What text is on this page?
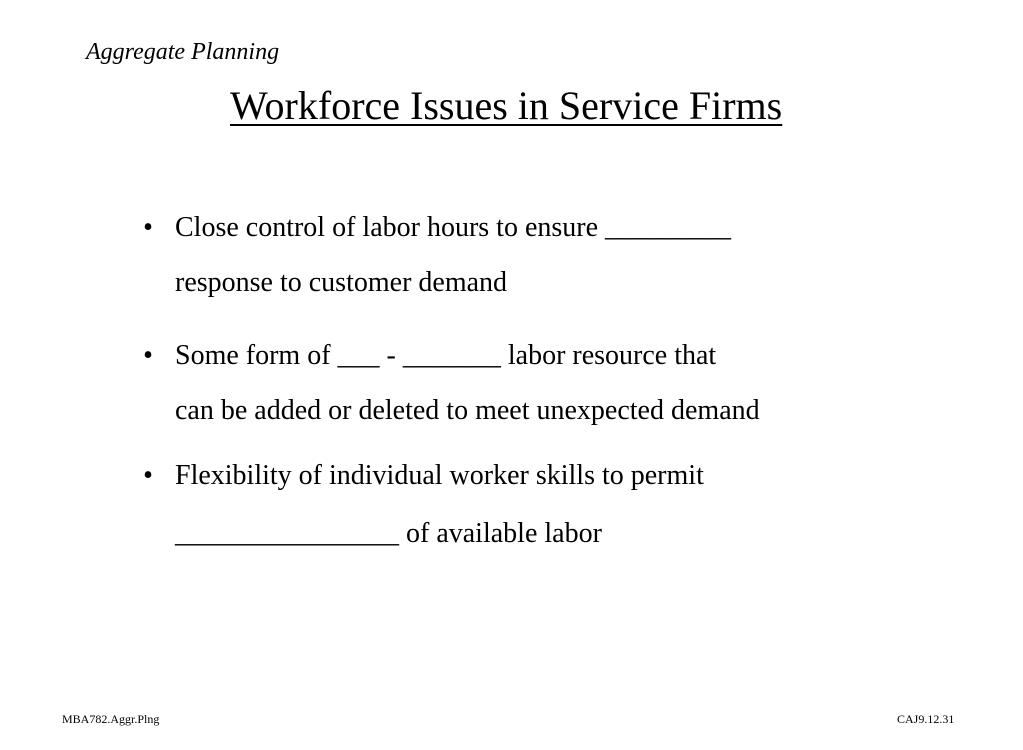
Aggregate Planning
Workforce Issues in Service Firms
• Close control of labor hours to ensure _________
response to customer demand
• Some form of ___ - _______ labor resource that
can be added or deleted to meet unexpected demand
• Flexibility of individual worker skills to permit
________________ of available labor
MBA782.Aggr.Plng	CAJ9.12.31
